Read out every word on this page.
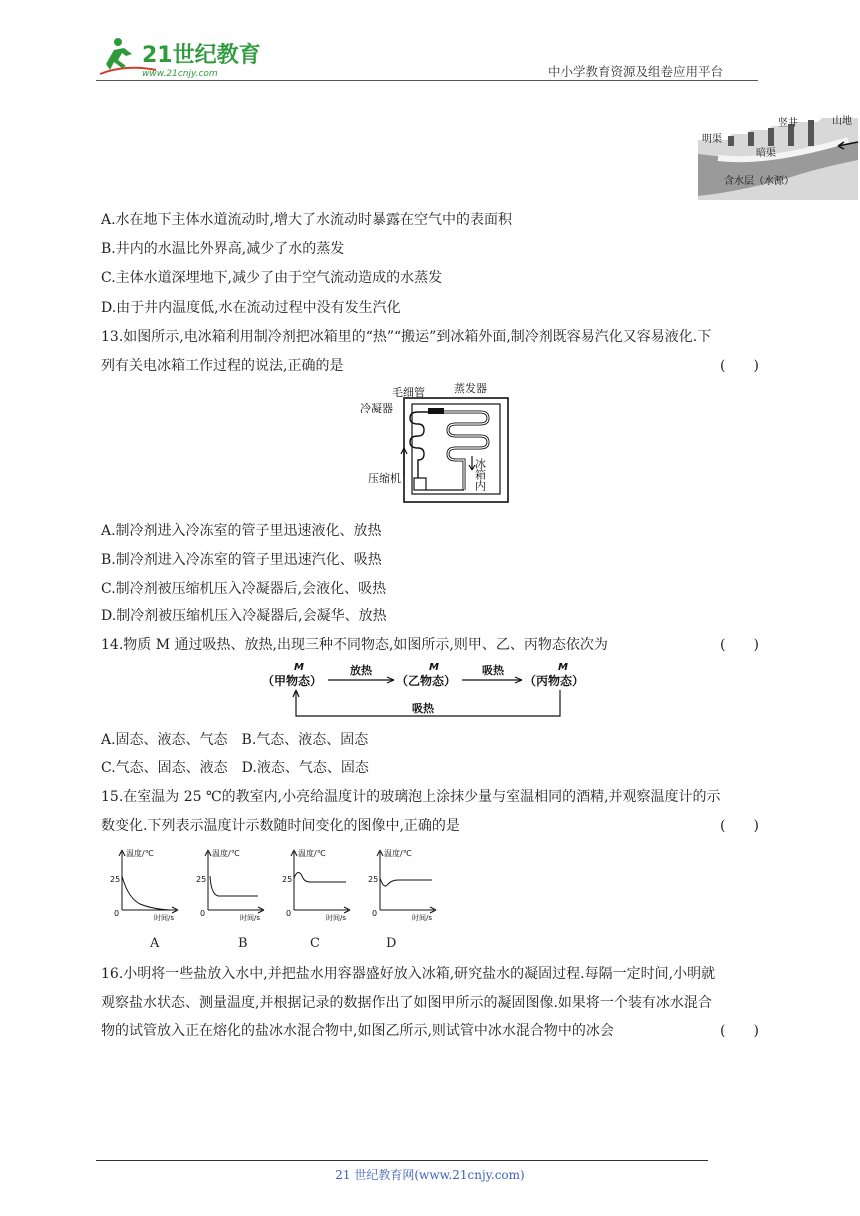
21世纪教育
www.21cnjy.com	中小学教育资源及组卷应用平台
明渠
竖井	山地
暗渠
含水层（水源）
A.水在地下主体水道流动时,增大了水流动时暴露在空气中的表面积
B.井内的水温比外界高,减少了水的蒸发
C.主体水道深埋地下,减少了由于空气流动造成的水蒸发
D.由于井内温度低,水在流动过程中没有发生汽化
13.如图所示,电冰箱利用制冷剂把冰箱里的“热”“搬运”到冰箱外面,制冷剂既容易汽化又容易液化.下
列有关电冰箱工作过程的说法,正确的是	(　　)
毛细管	蒸发器
冷凝器
压缩机	冰箱内
A.制冷剂进入冷冻室的管子里迅速液化、放热
B.制冷剂进入冷冻室的管子里迅速汽化、吸热
C.制冷剂被压缩机压入冷凝器后,会液化、吸热
D.制冷剂被压缩机压入冷凝器后,会凝华、放热
14.物质 M 通过吸热、放热,出现三种不同物态,如图所示,则甲、乙、丙物态依次为	(　　)
M
（甲物态）
M
（乙物态）
M
（丙物态）
放热	吸热
吸热
A.固态、液态、气态　B.气态、液态、固态
C.气态、固态、液态　D.液态、气态、固态
15.在室温为 25 ℃的教室内,小亮给温度计的玻璃泡上涂抹少量与室温相同的酒精,并观察温度计的示
数变化.下列表示温度计示数随时间变化的图像中,正确的是	(　　)
温度/℃
25
0	时间/s
温度/℃
25
0	时间/s
温度/℃
25
0	时间/s
温度/℃
25
0	时间/s
A	B	C	D
16.小明将一些盐放入水中,并把盐水用容器盛好放入冰箱,研究盐水的凝固过程.每隔一定时间,小明就
观察盐水状态、测量温度,并根据记录的数据作出了如图甲所示的凝固图像.如果将一个装有冰水混合
物的试管放入正在熔化的盐冰水混合物中,如图乙所示,则试管中冰水混合物中的冰会	(　　)
21 世纪教育网(www.21cnjy.com)
